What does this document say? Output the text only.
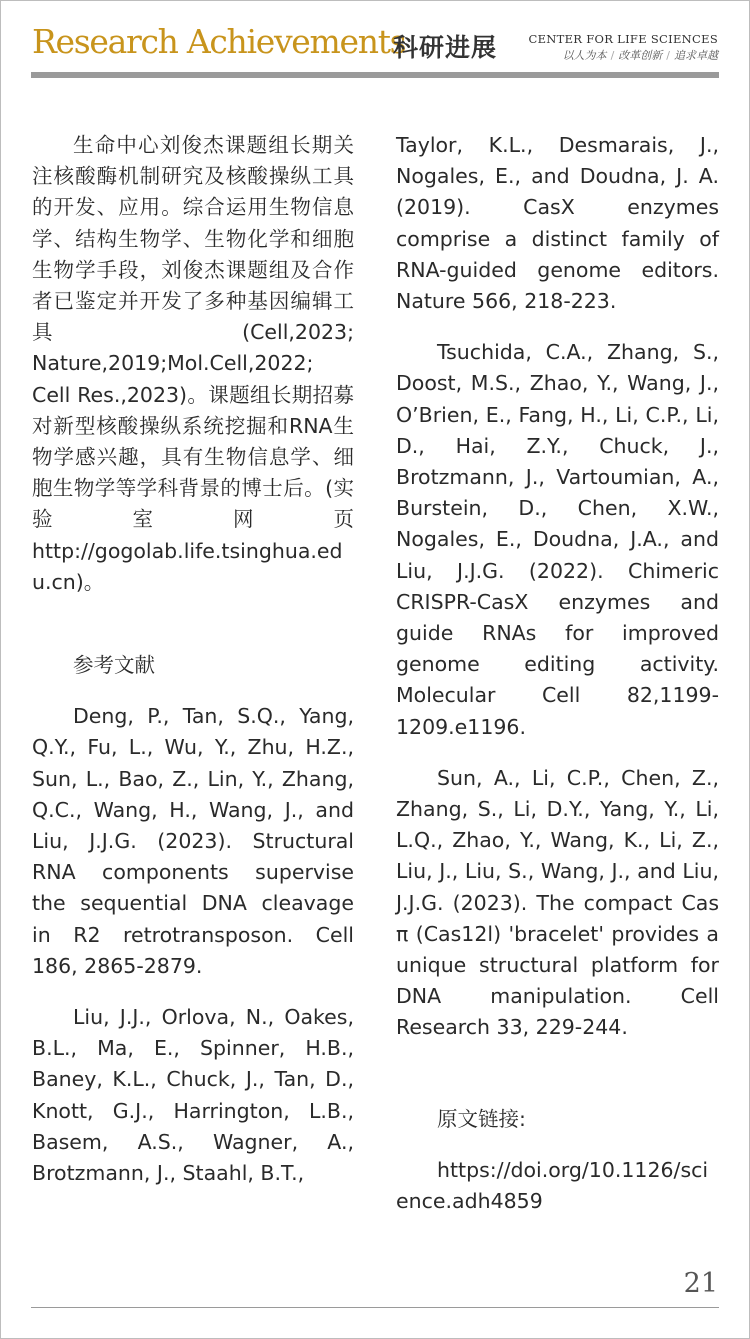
Research Achievements
科研进展	CENTER FOR LIFE SCIENCES
以人为本 / 改革创新 / 追求卓越

生命中心刘俊杰课题组长期关注核酸酶机制研究及核酸操纵工具的开发、应用。综合运用生物信息学、结构生物学、生物化学和细胞生物学手段，刘俊杰课题组及合作者已鉴定并开发了多种基因编辑工具(Cell,2023; Nature,2019;Mol.Cell,2022; Cell Res.,2023)。课题组长期招募对新型核酸操纵系统挖掘和RNA生物学感兴趣，具有生物信息学、细胞生物学等学科背景的博士后。(实验室网页http://gogolab.life.tsinghua.edu.cn)。

参考文献

Deng, P., Tan, S.Q., Yang, Q.Y., Fu, L., Wu, Y., Zhu, H.Z., Sun, L., Bao, Z., Lin, Y., Zhang, Q.C., Wang, H., Wang, J., and Liu, J.J.G. (2023). Structural RNA components supervise the sequential DNA cleavage in R2 retrotransposon. Cell 186, 2865-2879.

Liu, J.J., Orlova, N., Oakes, B.L., Ma, E., Spinner, H.B., Baney, K.L., Chuck, J., Tan, D., Knott, G.J., Harrington, L.B., Basem, A.S., Wagner, A., Brotzmann, J., Staahl, B.T.,

Taylor, K.L., Desmarais, J., Nogales, E., and Doudna, J. A. (2019). CasX enzymes comprise a distinct family of RNA-guided genome editors. Nature 566, 218-223.

Tsuchida, C.A., Zhang, S., Doost, M.S., Zhao, Y., Wang, J., O’Brien, E., Fang, H., Li, C.P., Li, D., Hai, Z.Y., Chuck, J., Brotzmann, J., Vartoumian, A., Burstein, D., Chen, X.W., Nogales, E., Doudna, J.A., and Liu, J.J.G. (2022). Chimeric CRISPR-CasX enzymes and guide RNAs for improved genome editing activity. Molecular Cell 82,1199-1209.e1196.

Sun, A., Li, C.P., Chen, Z., Zhang, S., Li, D.Y., Yang, Y., Li, L.Q., Zhao, Y., Wang, K., Li, Z., Liu, J., Liu, S., Wang, J., and Liu, J.J.G. (2023). The compact Cas π (Cas12l) 'bracelet' provides a unique structural platform for DNA manipulation. Cell Research 33, 229-244.

原文链接:

https://doi.org/10.1126/science.adh4859

21
